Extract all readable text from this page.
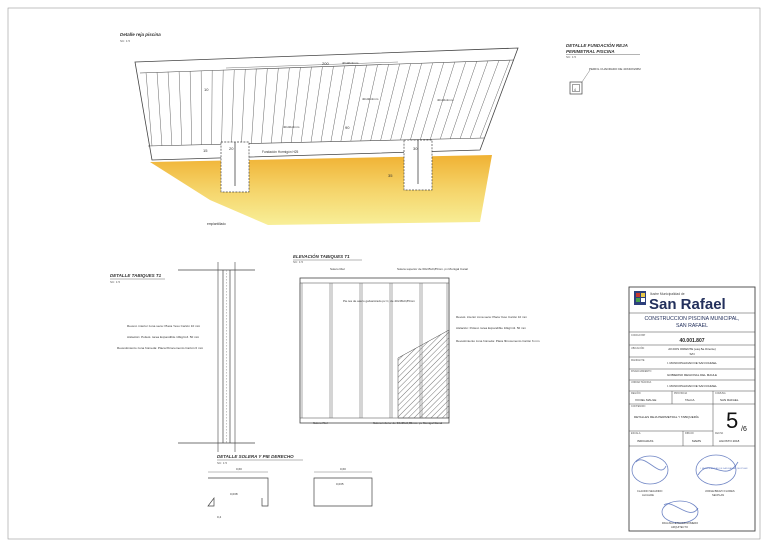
Detalle reja piscina
SC: 1:5
200	40x40x2mm
10
40x40x2mm	40x40x2mm
40x40x2mm	90
15	20	30
35
Fundación Hormigón H25
emplantillado
DETALLE FUNDACIÓN REJA
PERIMETRAL PISCINA
SC: 1:5
PERFIL CUADRADO DE 40X40X2MM
4
DETALLE TABIQUES T1
SC: 1:5
Revest. interior zona seca: Placa Yeso Cartón 10 mm
Aislación: Poliest. tarea Expandible 10kg/m3. 50 mm
Revestimiento zona húmeda: Placa fibrocemento Cartón 6 mm
ELEVACIÓN TABIQUES T1
SC: 1:5
Solero Riel	Solera superior de 60x35x0,85mm. pv Montgal Canal
Pie tes de acero galvanizado pv C, de 40x38x0,85mm
Revest. interior zona seca: Placa Yeso Cartón 10 mm
Aislación: Poliest. tarea Expandible 10kg/m3. 50 mm
Revestimiento zona húmeda: Placa fibrocemento Cartón 6 mm
Solero Riel	Solera inferior de 60x35x0,85mm. pv Montgal Canal
DETALLE SOLERA Y PIE DERECHO
SC: 1:5
0,60
0,038
0,60
0,035
0,4
Ilustre Municipalidad de
San Rafael
CONSTRUCCION PISCINA MUNICIPAL,
SAN RAFAEL
CODIGO BIP
40.001.807
UBICACIÓN	AV.DOS ORIENTE (esq.5a.Oriente)
S/N
MANDANTE
I. MUNICIPALIDAD DE SAN RAFAEL
FINANCIAMIENTO
GOBIERNO REGIONAL DEL MAULE
UNIDAD TÉCNICA
I. MUNICIPALIDAD DE SAN RAFAEL
REGIÓN
VII DEL MAULE
PROVINCIA
TALCA
COMUNA
SAN RAFAEL
CONTENIDO
DETALLES REJA PERIMETRAL Y TABIQUERÍA 5 /6
ESCALA
INDICADAS
DIBUJO
MAMS
FECHA
AGOSTO 2018
I. MUNICIPALIDAD DE SAN RAFAEL SECPLAN
CLAUDIO SEGUNDO
ALCALDE
JORGE BRAVO FLORES
SECPLAN
PAULINA LETELIER ROMERO
ARQUITECTO
